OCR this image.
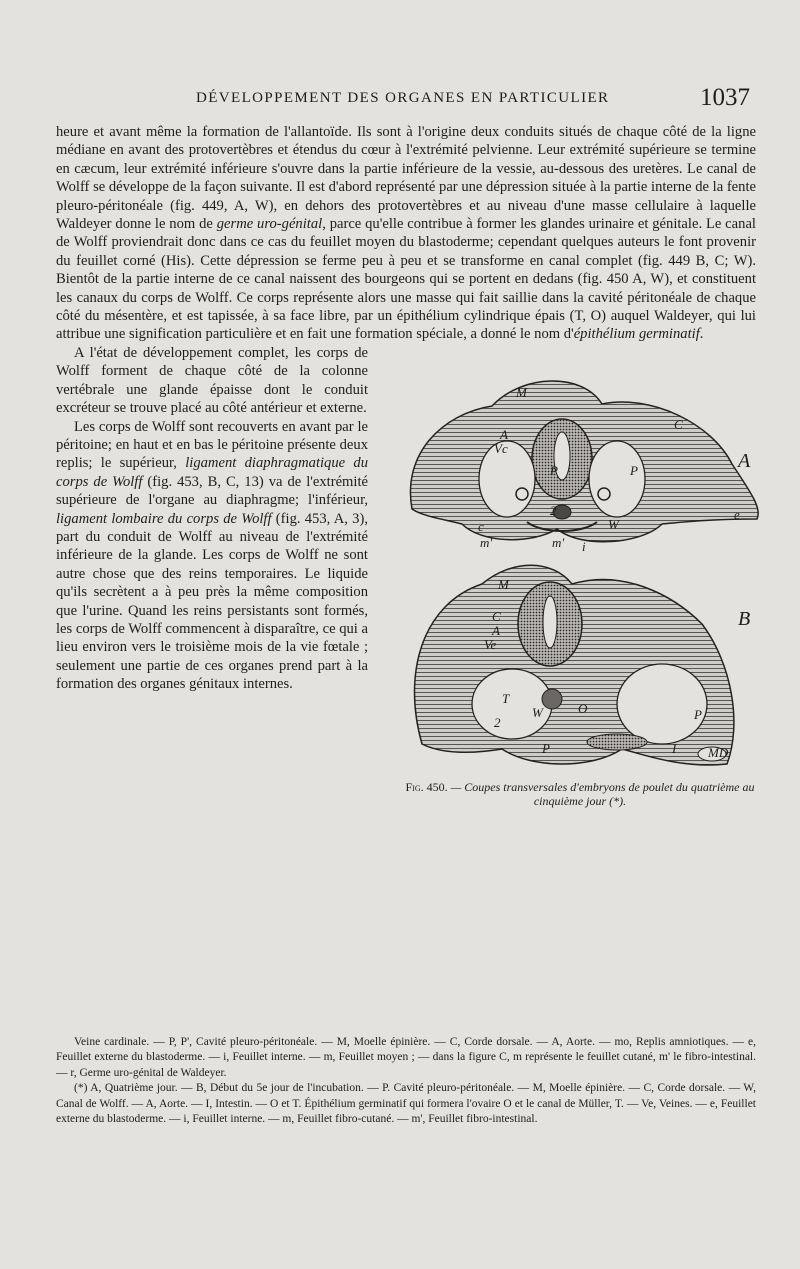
DÉVELOPPEMENT DES ORGANES EN PARTICULIER	1037

heure et avant même la formation de l'allantoïde. Ils sont à l'origine deux conduits situés de chaque côté de la ligne médiane en avant des protovertèbres et étendus du cœur à l'extrémité pelvienne. Leur extrémité supérieure se termine en cæcum, leur extrémité inférieure s'ouvre dans la partie inférieure de la vessie, au-dessous des uretères. Le canal de Wolff se développe de la façon suivante. Il est d'abord représenté par une dépression située à la partie interne de la fente pleuro-péritonéale (fig. 449, A, W), en dehors des protovertèbres et au niveau d'une masse cellulaire à laquelle Waldeyer donne le nom de germe uro-génital, parce qu'elle contribue à former les glandes urinaire et génitale. Le canal de Wolff proviendrait donc dans ce cas du feuillet moyen du blastoderme; cependant quelques auteurs le font provenir du feuillet corné (His). Cette dépression se ferme peu à peu et se transforme en canal complet (fig. 449 B, C; W). Bientôt de la partie interne de ce canal naissent des bourgeons qui se portent en dedans (fig. 450 A, W), et constituent les canaux du corps de Wolff. Ce corps représente alors une masse qui fait saillie dans la cavité péritonéale de chaque côté du mésentère, et est tapissée, à sa face libre, par un épithélium cylindrique épais (T, O) auquel Waldeyer, qui lui attribue une signification particulière et en fait une formation spéciale, a donné le nom d'
M
A
Vc
C
P	P
2
W
c
e
m'	m' i
A
M
C
A
Ve
T
W	O
P
P
I MD
2
B
Fig. 450. — Coupes transversales d'embryons de poulet du quatrième au cinquième jour (*).
épithélium germinatif.

A l'état de développement complet, les corps de Wolff forment de chaque côté de la colonne vertébrale une glande épaisse dont le conduit excréteur se trouve placé au côté antérieur et externe.

Les corps de Wolff sont recouverts en avant par le péritoine; en haut et en bas le péritoine présente deux replis; le supérieur, ligament diaphragmatique du corps de Wolff (fig. 453, B, C, 13) va de l'extrémité supérieure de l'organe au diaphragme; l'inférieur, ligament lombaire du corps de Wolff (fig. 453, A, 3), part du conduit de Wolff au niveau de l'extrémité inférieure de la glande. Les corps de Wolff ne sont autre chose que des reins temporaires. Le liquide qu'ils secrètent a à peu près la même composition que l'urine. Quand les reins persistants sont formés, les corps de Wolff commencent à disparaître, ce qui a lieu environ vers le troisième mois de la vie fœtale ; seulement une partie de ces organes prend part à la formation des organes génitaux internes.

Veine cardinale. — P, P', Cavité pleuro-péritonéale. — M, Moelle épinière. — C, Corde dorsale. — A, Aorte. — mo, Replis amniotiques. — e, Feuillet externe du blastoderme. — i, Feuillet interne. — m, Feuillet moyen ; — dans la figure C, m représente le feuillet cutané, m' le fibro-intestinal. — r, Germe uro-génital de Waldeyer.

(*) A, Quatrième jour. — B, Début du 5e jour de l'incubation. — P. Cavité pleuro-péritonéale. — M, Moelle épinière. — C, Corde dorsale. — W, Canal de Wolff. — A, Aorte. — I, Intestin. — O et T. Épithélium germinatif qui formera l'ovaire O et le canal de Müller, T. — Ve, Veines. — e, Feuillet externe du blastoderme. — i, Feuillet interne. — m, Feuillet fibro-cutané. — m', Feuillet fibro-intestinal.
